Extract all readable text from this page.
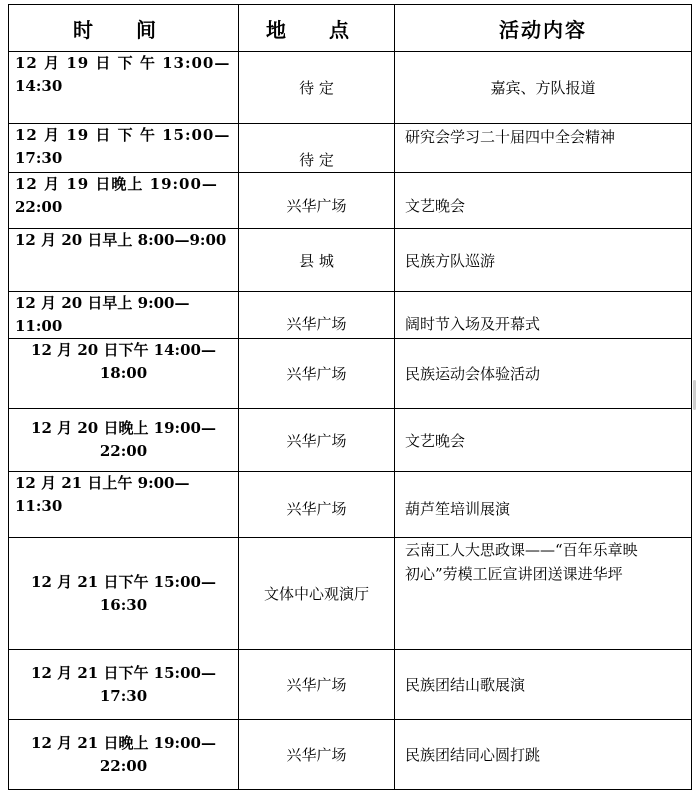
时 间	地 点	活动内容

12 月 19 日 下 午 13:00—
14:30	待 定	嘉宾、方队报道

12 月 19 日 下 午 15:00—
17:30	待 定	研究会学习二十届四中全会精神

12 月 19 日晚上 19:00—
22:00	兴华广场	文艺晚会

12 月 20 日早上 8:00—9:00	县 城	民族方队巡游

12 月 20 日早上 9:00—11:00	兴华广场	阔时节入场及开幕式

12 月 20 日下午 14:00—
18:00	兴华广场	民族运动会体验活动

12 月 20 日晚上 19:00—
22:00	兴华广场	文艺晚会

12 月 21 日上午 9:00—11:30	兴华广场	葫芦笙培训展演

12 月 21 日下午 15:00—
16:30	文体中心观演厅	云南工人大思政课——“百年乐章映
初心”劳模工匠宣讲团送课进华坪

12 月 21 日下午 15:00—
17:30	兴华广场	民族团结山歌展演

12 月 21 日晚上 19:00—
22:00	兴华广场	民族团结同心圆打跳
